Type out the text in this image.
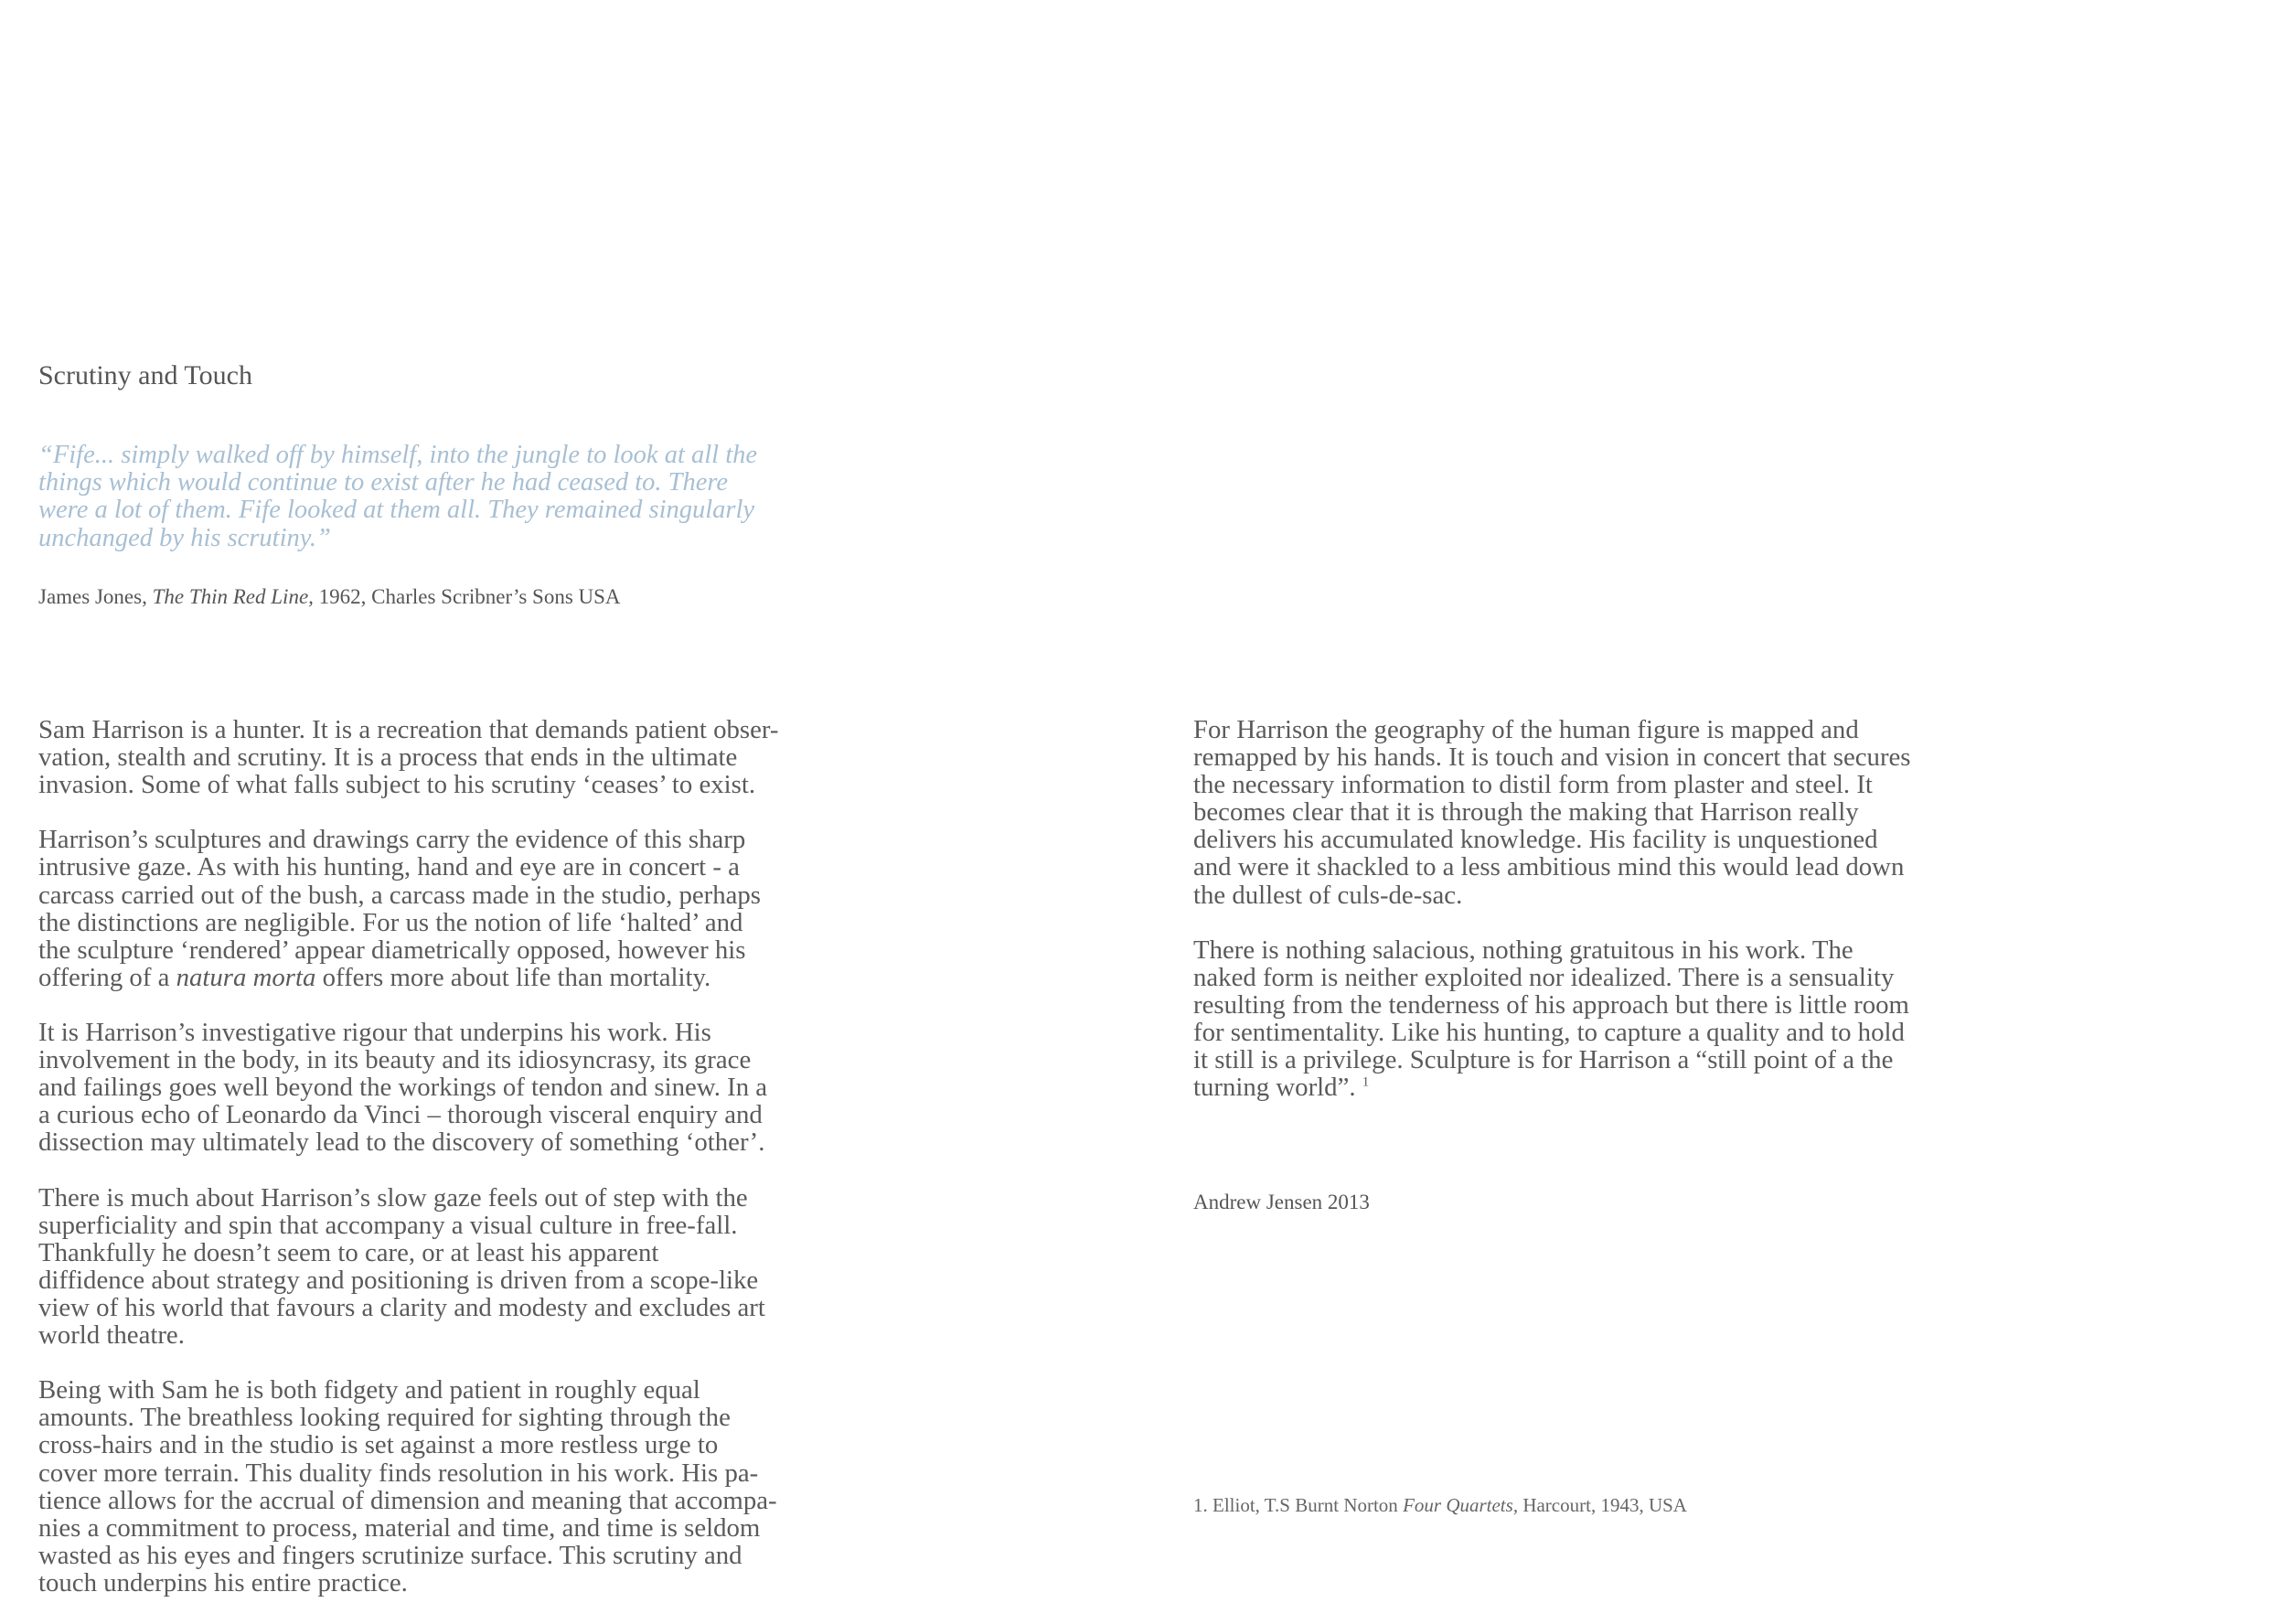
Scrutiny and Touch
“Fife... simply walked off by himself, into the jungle to look at all the
things which would continue to exist after he had ceased to. There
were a lot of them. Fife looked at them all. They remained singularly
unchanged by his scrutiny.”
James Jones, The Thin Red Line, 1962, Charles Scribner’s Sons USA
Sam Harrison is a hunter. It is a recreation that demands patient obser-
vation, stealth and scrutiny. It is a process that ends in the ultimate
invasion. Some of what falls subject to his scrutiny ‘ceases’ to exist.
Harrison’s sculptures and drawings carry the evidence of this sharp
intrusive gaze. As with his hunting, hand and eye are in concert - a
carcass carried out of the bush, a carcass made in the studio, perhaps
the distinctions are negligible. For us the notion of life ‘halted’ and
the sculpture ‘rendered’ appear diametrically opposed, however his
offering of a natura morta offers more about life than mortality.
It is Harrison’s investigative rigour that underpins his work. His
involvement in the body, in its beauty and its idiosyncrasy, its grace
and failings goes well beyond the workings of tendon and sinew. In a
a curious echo of Leonardo da Vinci – thorough visceral enquiry and
dissection may ultimately lead to the discovery of something ‘other’.
There is much about Harrison’s slow gaze feels out of step with the
superficiality and spin that accompany a visual culture in free-fall.
Thankfully he doesn’t seem to care, or at least his apparent
diffidence about strategy and positioning is driven from a scope-like
view of his world that favours a clarity and modesty and excludes art
world theatre.
Being with Sam he is both fidgety and patient in roughly equal
amounts. The breathless looking required for sighting through the
cross-hairs and in the studio is set against a more restless urge to
cover more terrain. This duality finds resolution in his work. His pa-
tience allows for the accrual of dimension and meaning that accompa-
nies a commitment to process, material and time, and time is seldom
wasted as his eyes and fingers scrutinize surface. This scrutiny and
touch underpins his entire practice.
For Harrison the geography of the human figure is mapped and
remapped by his hands. It is touch and vision in concert that secures
the necessary information to distil form from plaster and steel. It
becomes clear that it is through the making that Harrison really
delivers his accumulated knowledge. His facility is unquestioned
and were it shackled to a less ambitious mind this would lead down
the dullest of culs-de-sac.
There is nothing salacious, nothing gratuitous in his work. The
naked form is neither exploited nor idealized. There is a sensuality
resulting from the tenderness of his approach but there is little room
for sentimentality. Like his hunting, to capture a quality and to hold
it still is a privilege. Sculpture is for Harrison a “still point of a the
turning world”. $^1$
Andrew Jensen 2013
1. Elliot, T.S Burnt Norton Four Quartets, Harcourt, 1943, USA
